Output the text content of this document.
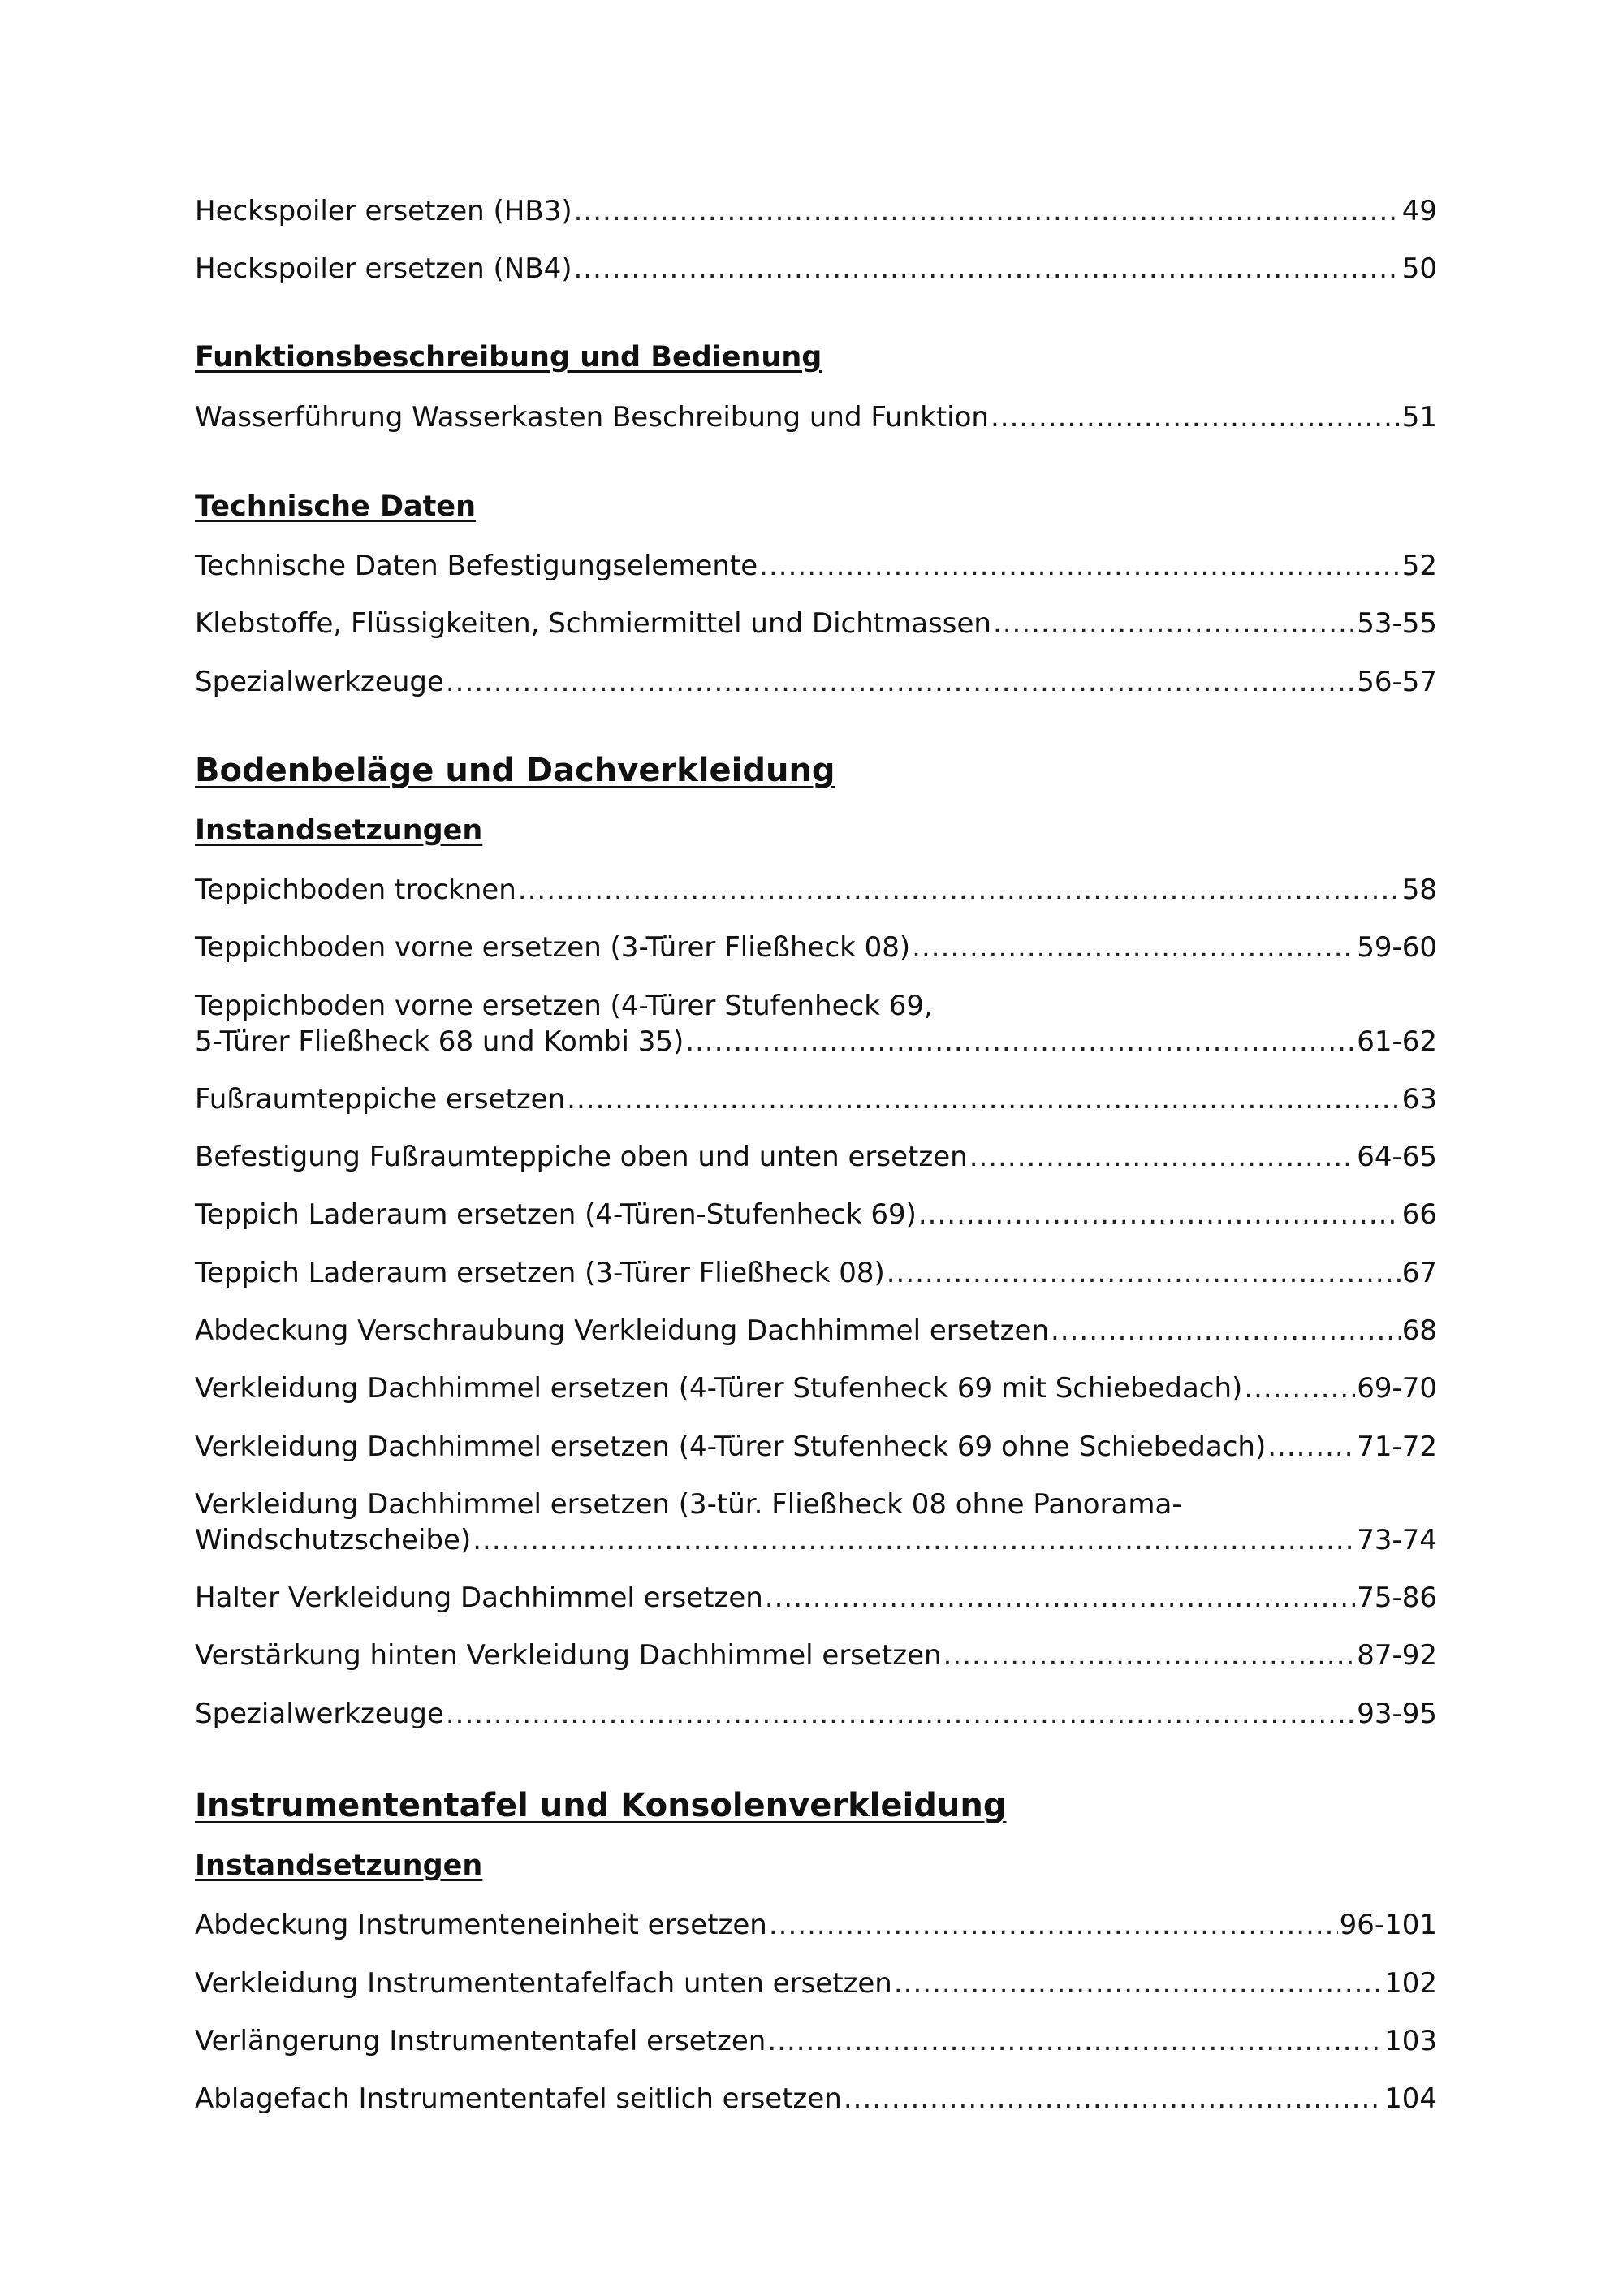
Heckspoiler ersetzen (HB3) .....	49
Heckspoiler ersetzen (NB4) .....	50
Funktionsbeschreibung und Bedienung
Wasserführung Wasserkasten Beschreibung und Funktion .....	51
Technische Daten
Technische Daten Befestigungselemente .....	52
Klebstoffe, Flüssigkeiten, Schmiermittel und Dichtmassen .....	53-55
Spezialwerkzeuge .....	56-57
Bodenbeläge und Dachverkleidung
Instandsetzungen
Teppichboden trocknen .....	58
Teppichboden vorne ersetzen (3-Türer Fließheck 08) .....	59-60
Teppichboden vorne ersetzen (4-Türer Stufenheck 69,
5-Türer Fließheck 68 und Kombi 35) .....	61-62
Fußraumteppiche ersetzen .....	63
Befestigung Fußraumteppiche oben und unten ersetzen .....	64-65
Teppich Laderaum ersetzen (4-Türen-Stufenheck 69) .....	66
Teppich Laderaum ersetzen (3-Türer Fließheck 08) .....	67
Abdeckung Verschraubung Verkleidung Dachhimmel ersetzen .....	68
Verkleidung Dachhimmel ersetzen (4-Türer Stufenheck 69 mit Schiebedach) .....	69-70
Verkleidung Dachhimmel ersetzen (4-Türer Stufenheck 69 ohne Schiebedach) .....	71-72
Verkleidung Dachhimmel ersetzen (3-tür. Fließheck 08 ohne Panorama-
Windschutzscheibe) .....	73-74
Halter Verkleidung Dachhimmel ersetzen .....	75-86
Verstärkung hinten Verkleidung Dachhimmel ersetzen .....	87-92
Spezialwerkzeuge .....	93-95
Instrumententafel und Konsolenverkleidung
Instandsetzungen
Abdeckung Instrumenteneinheit ersetzen .....	96-101
Verkleidung Instrumententafelfach unten ersetzen .....	102
Verlängerung Instrumententafel ersetzen .....	103
Ablagefach Instrumententafel seitlich ersetzen .....	104
